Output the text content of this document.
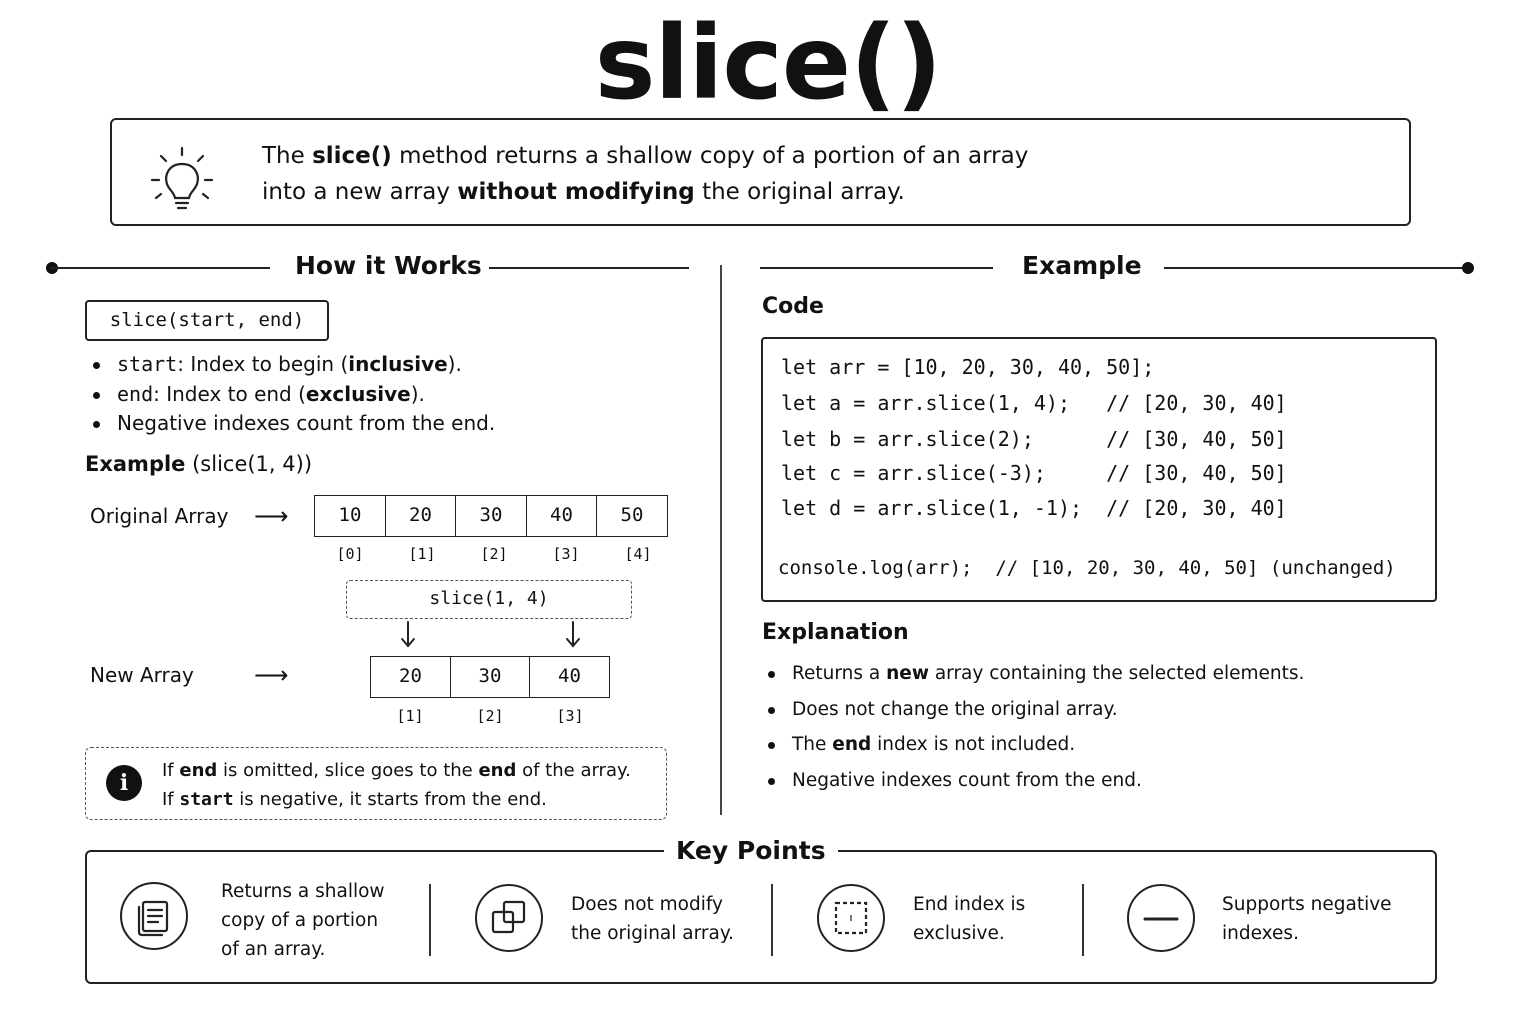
slice()
The slice() method returns a shallow copy of a portion of an array
into a new array without modifying the original array.
How it Works	Example
slice(start, end)
start: Index to begin (inclusive).
end: Index to end (exclusive).
Negative indexes count from the end.
Example (slice(1, 4))
Original Array ⟶	10	20	30	40	50
[0]	[1]	[2]	[3]	[4]
slice(1, 4)
New Array	⟶	20	30	40
[1]	[2]	[3]
i	If end is omitted, slice goes to the end of the array.
If start is negative, it starts from the end.
Code
let arr = [10, 20, 30, 40, 50];
let a = arr.slice(1, 4);   // [20, 30, 40]
let b = arr.slice(2);      // [30, 40, 50]
let c = arr.slice(-3);     // [30, 40, 50]
let d = arr.slice(1, -1);  // [20, 30, 40]
console.log(arr);  // [10, 20, 30, 40, 50] (unchanged)
Explanation
Returns a new array containing the selected elements.
Does not change the original array.
The end index is not included.
Negative indexes count from the end.
Returns a shallow
copy of a portion
of an array.
Does not modify
the original array.
End index is
exclusive.
Supports negative
indexes.
Key Points
